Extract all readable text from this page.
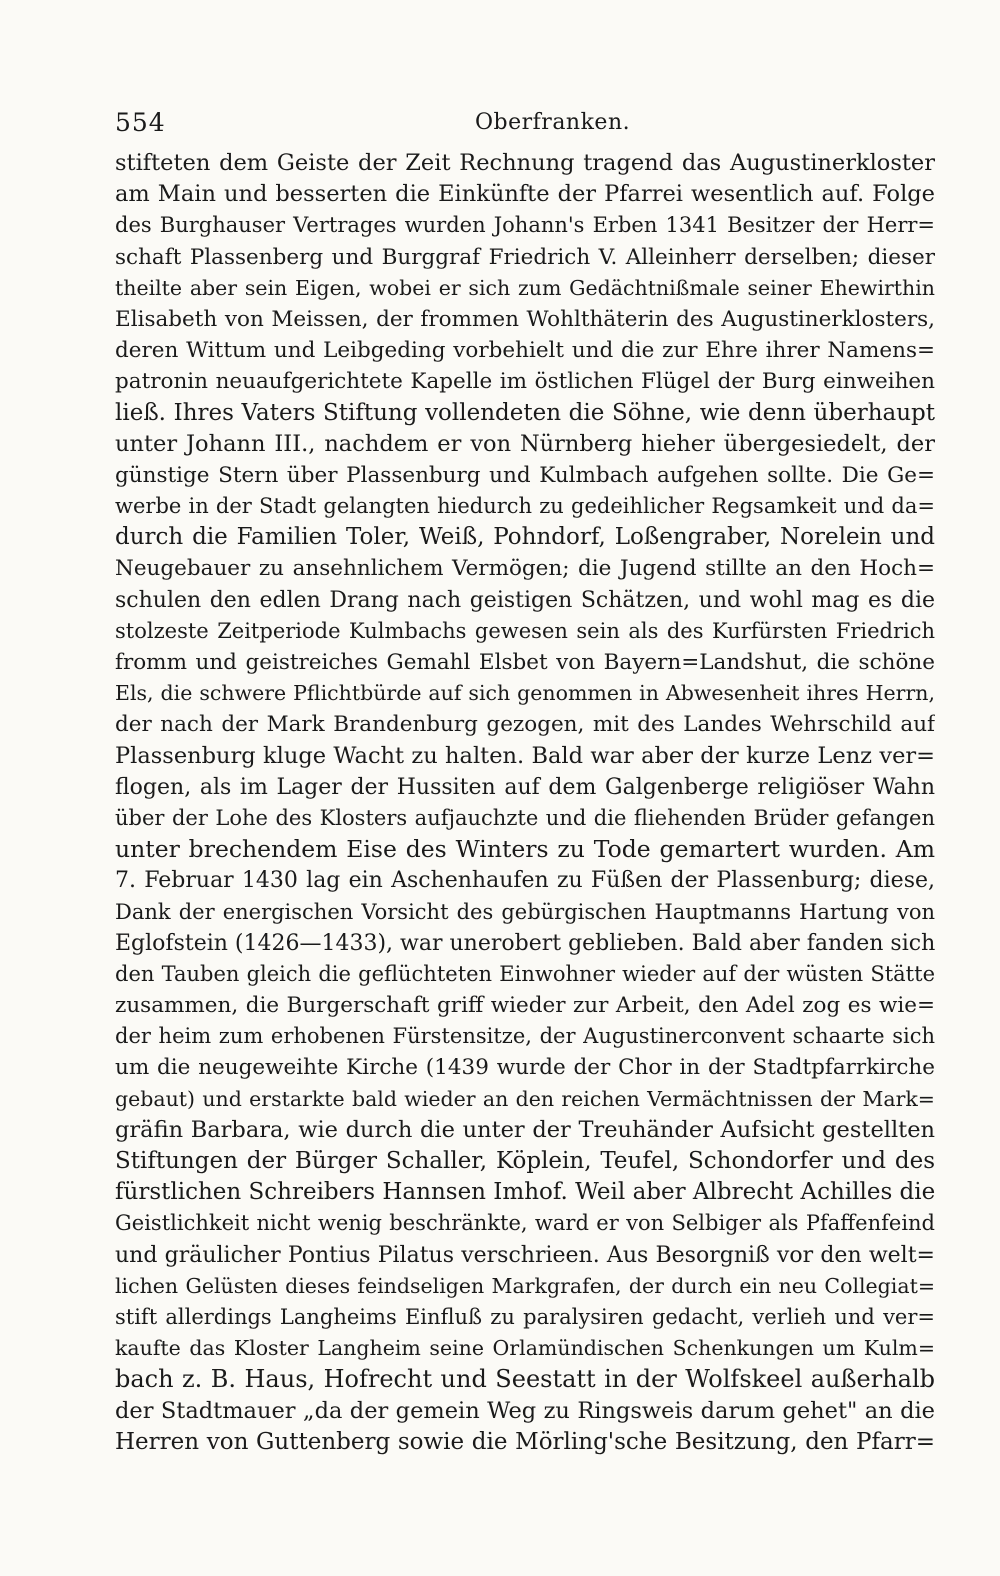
554	Oberfranken.
stifteten dem Geiste der Zeit Rechnung tragend das Augustinerkloster
am Main und besserten die Einkünfte der Pfarrei wesentlich auf. Folge
des Burghauser Vertrages wurden Johann's Erben 1341 Besitzer der Herr=
schaft Plassenberg und Burggraf Friedrich V. Alleinherr derselben; dieser
theilte aber sein Eigen, wobei er sich zum Gedächtnißmale seiner Ehewirthin
Elisabeth von Meissen, der frommen Wohlthäterin des Augustinerklosters,
deren Wittum und Leibgeding vorbehielt und die zur Ehre ihrer Namens=
patronin neuaufgerichtete Kapelle im östlichen Flügel der Burg einweihen
ließ. Ihres Vaters Stiftung vollendeten die Söhne, wie denn überhaupt
unter Johann III., nachdem er von Nürnberg hieher übergesiedelt, der
günstige Stern über Plassenburg und Kulmbach aufgehen sollte. Die Ge=
werbe in der Stadt gelangten hiedurch zu gedeihlicher Regsamkeit und da=
durch die Familien Toler, Weiß, Pohndorf, Loßengraber, Norelein und
Neugebauer zu ansehnlichem Vermögen; die Jugend stillte an den Hoch=
schulen den edlen Drang nach geistigen Schätzen, und wohl mag es die
stolzeste Zeitperiode Kulmbachs gewesen sein als des Kurfürsten Friedrich
fromm und geistreiches Gemahl Elsbet von Bayern=Landshut, die schöne
Els, die schwere Pflichtbürde auf sich genommen in Abwesenheit ihres Herrn,
der nach der Mark Brandenburg gezogen, mit des Landes Wehrschild auf
Plassenburg kluge Wacht zu halten. Bald war aber der kurze Lenz ver=
flogen, als im Lager der Hussiten auf dem Galgenberge religiöser Wahn
über der Lohe des Klosters aufjauchzte und die fliehenden Brüder gefangen
unter brechendem Eise des Winters zu Tode gemartert wurden. Am
7. Februar 1430 lag ein Aschenhaufen zu Füßen der Plassenburg; diese,
Dank der energischen Vorsicht des gebürgischen Hauptmanns Hartung von
Eglofstein (1426—1433), war unerobert geblieben. Bald aber fanden sich
den Tauben gleich die geflüchteten Einwohner wieder auf der wüsten Stätte
zusammen, die Burgerschaft griff wieder zur Arbeit, den Adel zog es wie=
der heim zum erhobenen Fürstensitze, der Augustinerconvent schaarte sich
um die neugeweihte Kirche (1439 wurde der Chor in der Stadtpfarrkirche
gebaut) und erstarkte bald wieder an den reichen Vermächtnissen der Mark=
gräfin Barbara, wie durch die unter der Treuhänder Aufsicht gestellten
Stiftungen der Bürger Schaller, Köplein, Teufel, Schondorfer und des
fürstlichen Schreibers Hannsen Imhof. Weil aber Albrecht Achilles die
Geistlichkeit nicht wenig beschränkte, ward er von Selbiger als Pfaffenfeind
und gräulicher Pontius Pilatus verschrieen. Aus Besorgniß vor den welt=
lichen Gelüsten dieses feindseligen Markgrafen, der durch ein neu Collegiat=
stift allerdings Langheims Einfluß zu paralysiren gedacht, verlieh und ver=
kaufte das Kloster Langheim seine Orlamündischen Schenkungen um Kulm=
bach z. B. Haus, Hofrecht und Seestatt in der Wolfskeel außerhalb
der Stadtmauer „da der gemein Weg zu Ringsweis darum gehet" an die
Herren von Guttenberg sowie die Mörling'sche Besitzung, den Pfarr=
